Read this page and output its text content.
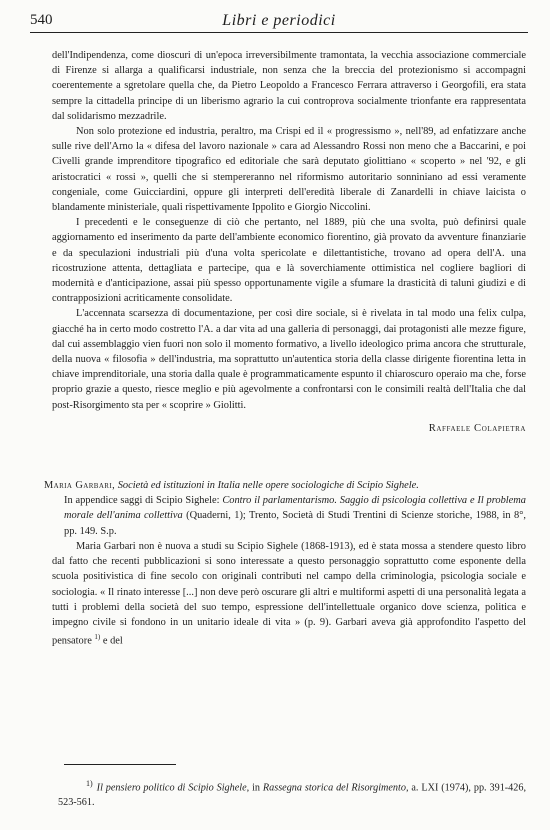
540	Libri e periodici

dell'Indipendenza, come dioscuri di un'epoca irreversibilmente tramontata, la vecchia associazione commerciale di Firenze si allarga a qualificarsi industriale, non senza che la breccia del protezionismo si accompagni coerentemente a sgretolare quella che, da Pietro Leopoldo a Francesco Ferrara attraverso i Georgofili, era stata sempre la cittadella principe di un liberismo agrario la cui controprova socialmente trionfante era rappresentata dal solidarismo mezzadrile.

Non solo protezione ed industria, peraltro, ma Crispi ed il « progressismo », nell'89, ad enfatizzare anche sulle rive dell'Arno la « difesa del lavoro nazionale » cara ad Alessandro Rossi non meno che a Baccarini, e poi Civelli grande imprenditore tipografico ed editoriale che sarà deputato giolittiano « scoperto » nel '92, e gli aristocratici « rossi », quelli che si stempereranno nel riformismo autoritario sonniniano ad essi veramente congeniale, come Guicciardini, oppure gli interpreti dell'eredità liberale di Zanardelli in chiave laicista o blandamente ministeriale, quali rispettivamente Ippolito e Giorgio Niccolini.

I precedenti e le conseguenze di ciò che pertanto, nel 1889, più che una svolta, può definirsi quale aggiornamento ed inserimento da parte dell'ambiente economico fiorentino, già provato da avventure finanziarie e da speculazioni industriali più d'una volta spericolate e dilettantistiche, trovano ad opera dell'A. una ricostruzione attenta, dettagliata e partecipe, qua e là soverchiamente ottimistica nel cogliere bagliori di modernità e d'anticipazione, assai più spesso opportunamente vigile a sfumare la drasticità di taluni giudizi e di contrapposizioni acriticamente consolidate.

L'accennata scarsezza di documentazione, per così dire sociale, si è rivelata in tal modo una felix culpa, giacché ha in certo modo costretto l'A. a dar vita ad una galleria di personaggi, dai protagonisti alle mezze figure, dal cui assemblaggio vien fuori non solo il momento formativo, a livello ideologico prima ancora che strutturale, della nuova « filosofia » dell'industria, ma soprattutto un'autentica storia della classe dirigente fiorentina letta in chiave imprenditoriale, una storia dalla quale è programmaticamente espunto il chiaroscuro operaio ma che, forse proprio grazie a questo, riesce meglio e più agevolmente a confrontarsi con le consimili realtà dell'Italia che dal post-Risorgimento sta per « scoprire » Giolitti.

Raffaele Colapietra
Maria Garbari, Società ed istituzioni in Italia nelle opere sociologiche di Scipio Sighele.
In appendice saggi di Scipio Sighele: Contro il parlamentarismo. Saggio di psicologia collettiva e Il problema morale dell'anima collettiva (Quaderni, 1); Trento, Società di Studi Trentini di Scienze storiche, 1988, in 8°, pp. 149. S.p.

Maria Garbari non è nuova a studi su Scipio Sighele (1868-1913), ed è stata mossa a stendere questo libro dal fatto che recenti pubblicazioni si sono interessate a questo personaggio soprattutto come esponente della scuola positivistica di fine secolo con originali contributi nel campo della criminologia, psicologia sociale e sociologia. « Il rinato interesse [...] non deve però oscurare gli altri e multiformi aspetti di una personalità legata a tutti i problemi della società del suo tempo, espressione dell'intellettuale organico dove scienza, politica e impegno civile si fondono in un unitario ideale di vita » (p. 9). Garbari aveva già approfondito l'aspetto del pensatore $^{1)}$ e del

$^{1)}$ Il pensiero politico di Scipio Sighele, in Rassegna storica del Risorgimento, a. LXI (1974), pp. 391-426, 523-561.
